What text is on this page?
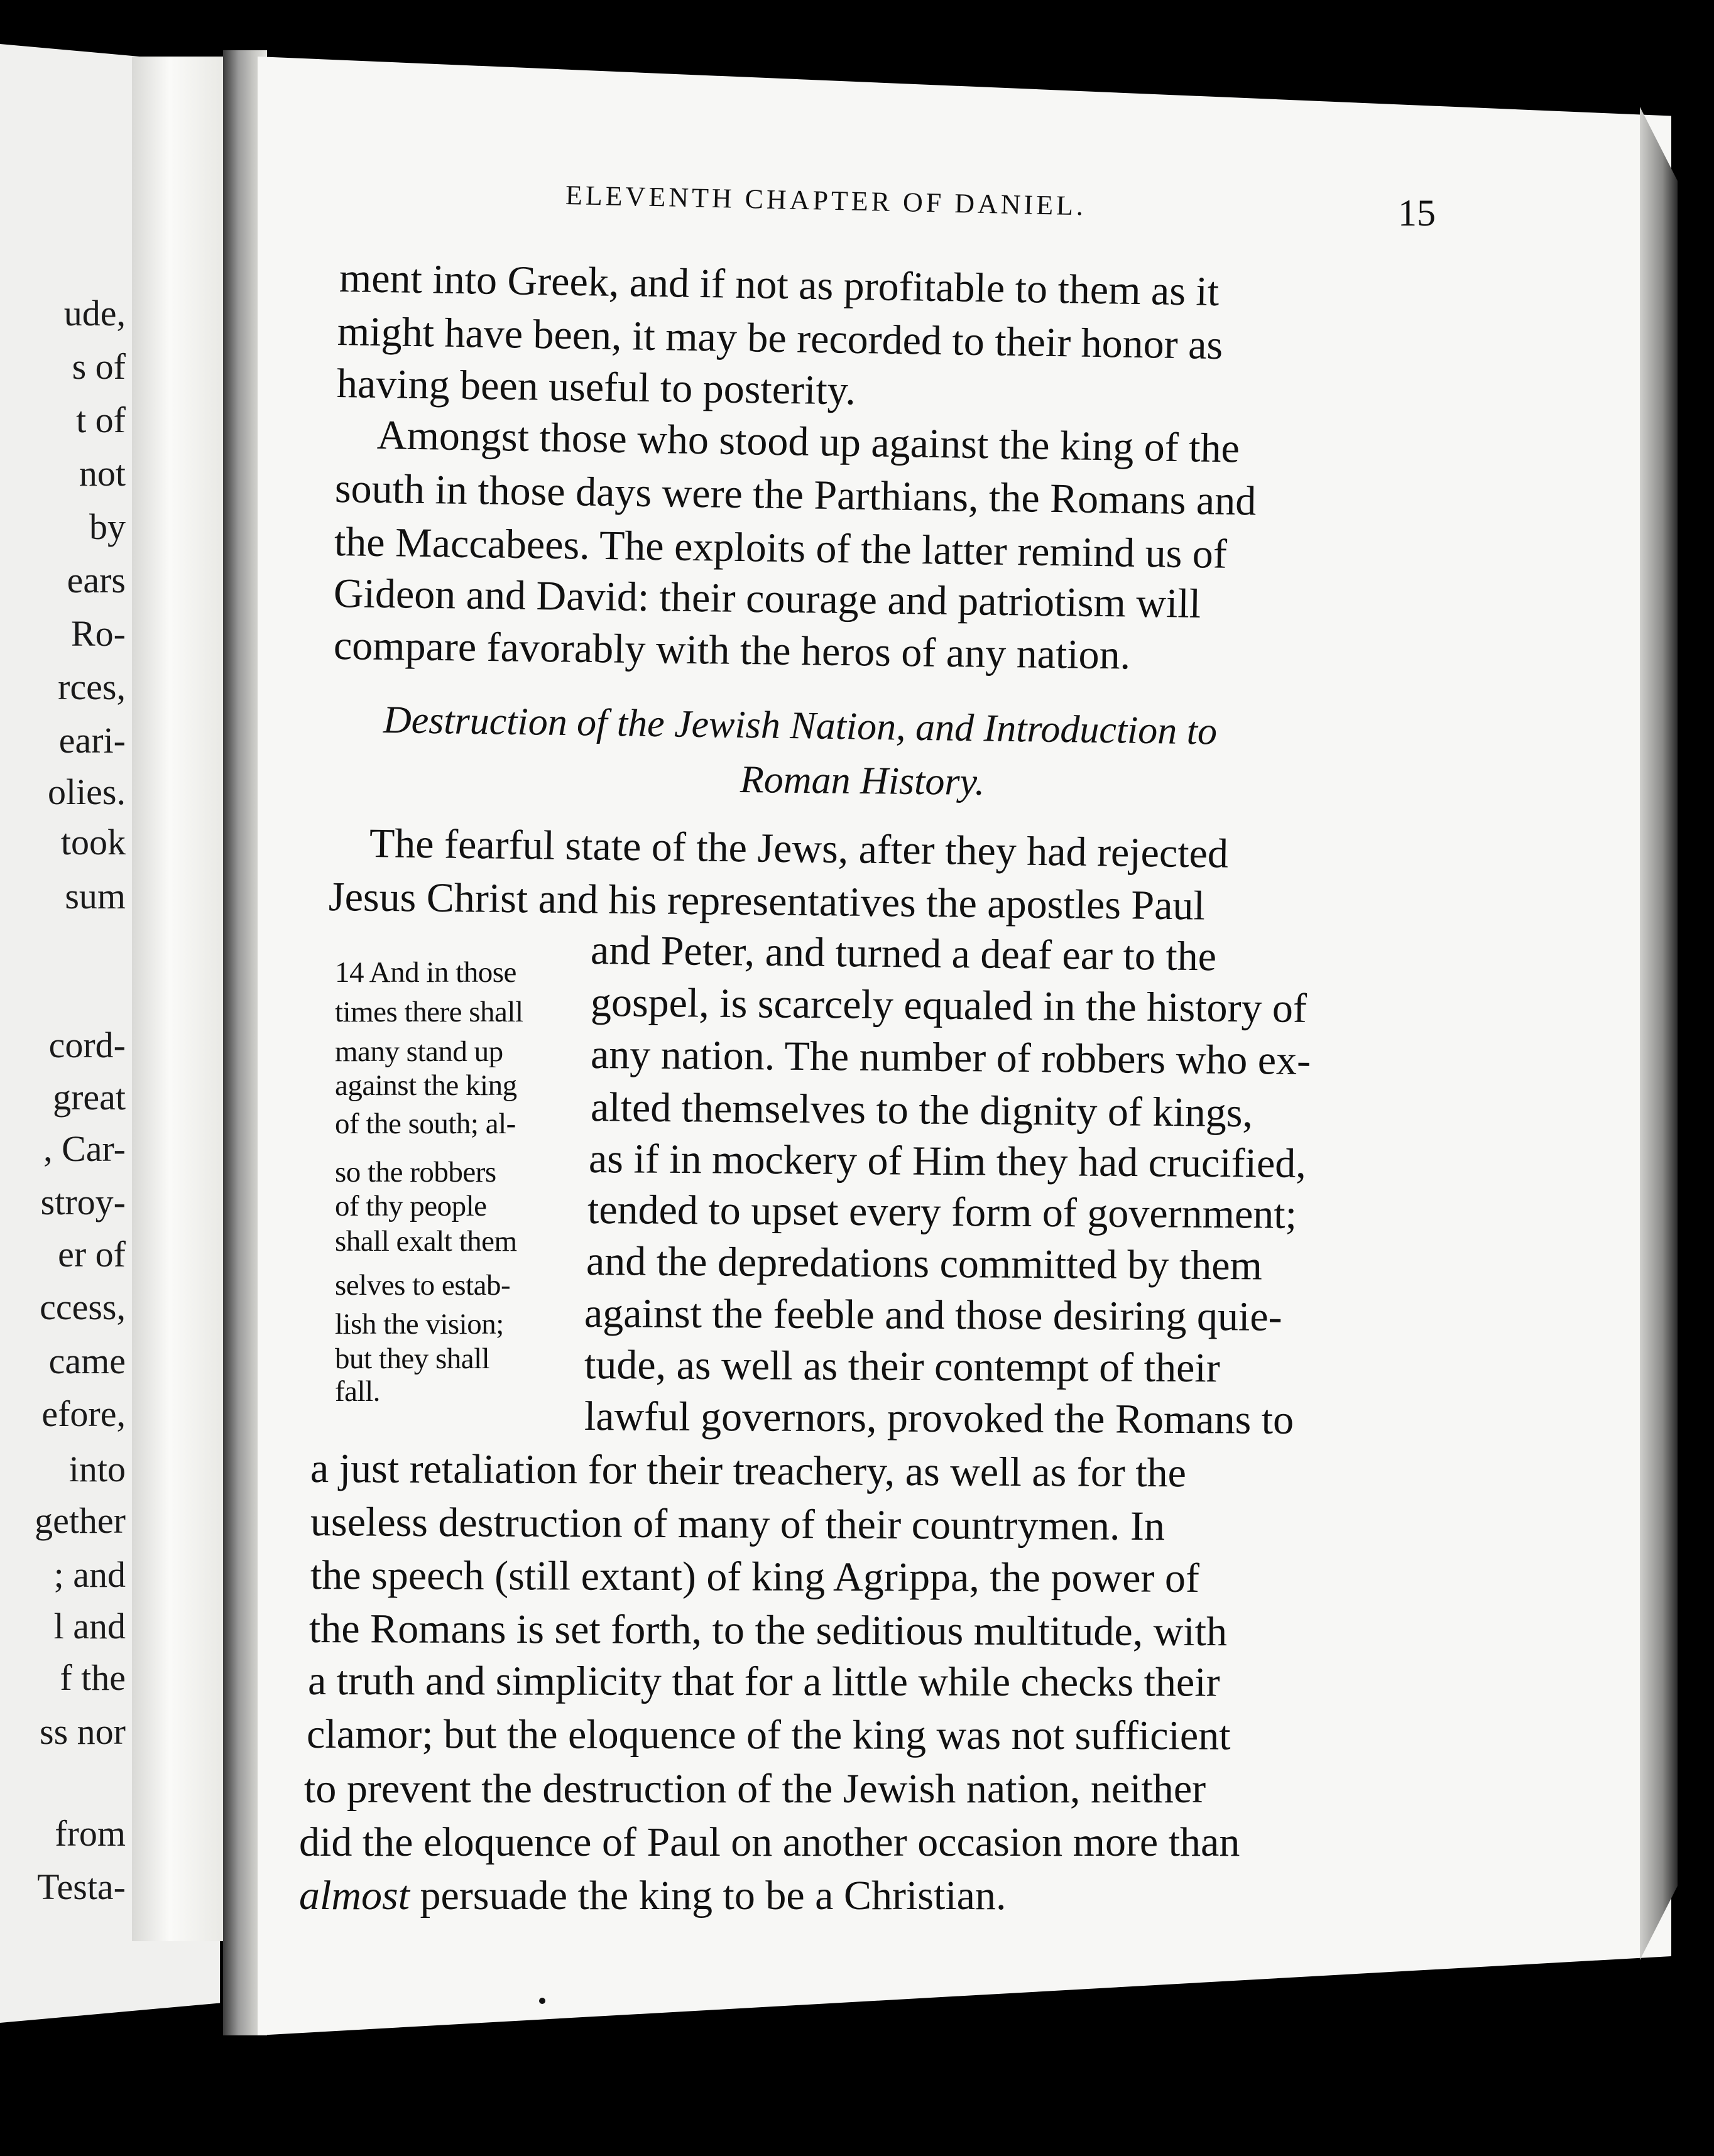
ude,
s of
t of
not
by
ears
Ro-
rces,
eari-
olies.
took
sum
cord-
great
, Car-
stroy-
er of
ccess,
came
efore,
into
gether
; and
l and
f the
ss nor
from
Testa-
ELEVENTH CHAPTER OF DANIEL.	15
ment into Greek, and if not as profitable to them as it
might have been, it may be recorded to their honor as
having been useful to posterity.
Amongst those who stood up against the king of the
south in those days were the Parthians, the Romans and
the Maccabees. The exploits of the latter remind us of
Gideon and David: their courage and patriotism will
compare favorably with the heros of any nation.
Destruction of the Jewish Nation, and Introduction to
Roman History.
The fearful state of the Jews, after they had rejected
Jesus Christ and his representatives the apostles Paul
and Peter, and turned a deaf ear to the
gospel, is scarcely equaled in the history of
any nation. The number of robbers who ex-
alted themselves to the dignity of kings,
as if in mockery of Him they had crucified,
tended to upset every form of government;
and the depredations committed by them
against the feeble and those desiring quie-
tude, as well as their contempt of their
lawful governors, provoked the Romans to
a just retaliation for their treachery, as well as for the
useless destruction of many of their countrymen. In
the speech (still extant) of king Agrippa, the power of
the Romans is set forth, to the seditious multitude, with
a truth and simplicity that for a little while checks their
clamor; but the eloquence of the king was not sufficient
to prevent the destruction of the Jewish nation, neither
did the eloquence of Paul on another occasion more than
almost persuade the king to be a Christian.
14 And in those
times there shall
many stand up
against the king
of the south; al-
so the robbers
of thy people
shall exalt them
selves to estab-
lish the vision;
but they shall
fall.
